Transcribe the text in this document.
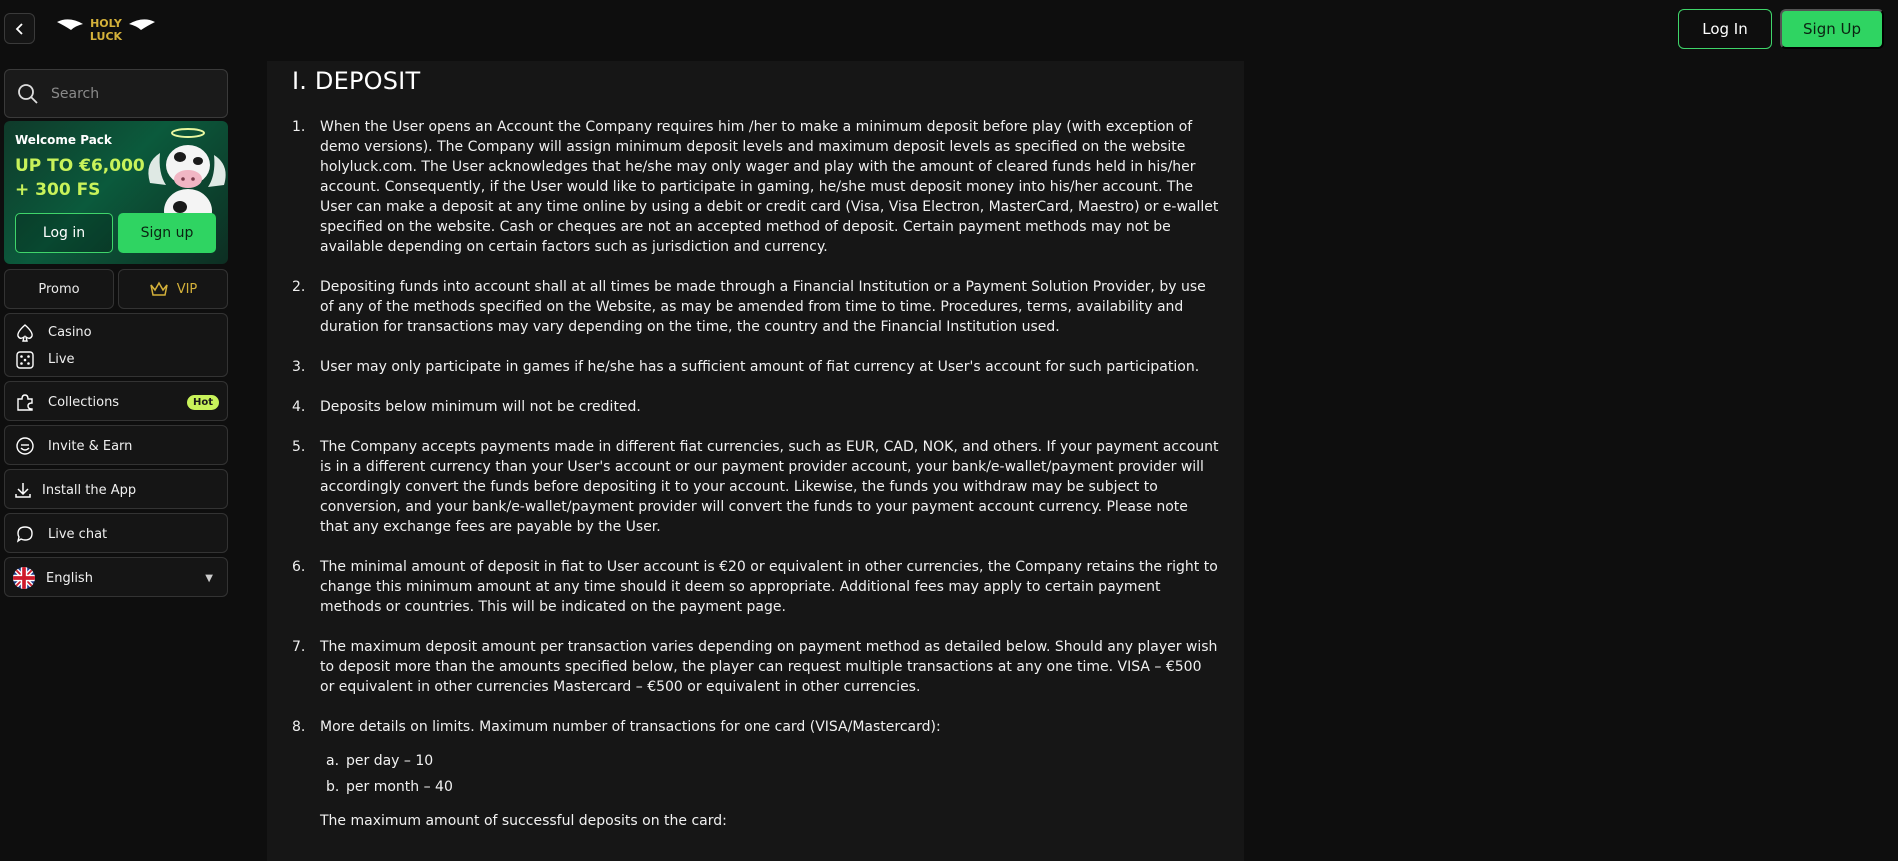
HOLY
LUCK	Log In	Sign Up
Search
Welcome Pack
UP TO €6,000
+ 300 FS
Log in	Sign up
Promo	VIP
Casino
Live
Collections	Hot
Invite & Earn
Install the App
Live chat
English	▼
I. DEPOSIT
1.	When the User opens an Account the Company requires him /her to make a minimum deposit before play (with exception of demo versions). The Company will assign minimum deposit levels and maximum deposit levels as specified on the website holyluck.com. The User acknowledges that he/she may only wager and play with the amount of cleared funds held in his/her account. Consequently, if the User would like to participate in gaming, he/she must deposit money into his/her account. The User can make a deposit at any time online by using a debit or credit card (Visa, Visa Electron, MasterCard, Maestro) or e-wallet specified on the website. Cash or cheques are not an accepted method of deposit. Certain payment methods may not be available depending on certain factors such as jurisdiction and currency.
2.	Depositing funds into account shall at all times be made through a Financial Institution or a Payment Solution Provider, by use of any of the methods specified on the Website, as may be amended from time to time. Procedures, terms, availability and duration for transactions may vary depending on the time, the country and the Financial Institution used.
3.	User may only participate in games if he/she has a sufficient amount of fiat currency at User's account for such participation.
4.	Deposits below minimum will not be credited.
5.	The Company accepts payments made in different fiat currencies, such as EUR, CAD, NOK, and others. If your payment account is in a different currency than your User's account or our payment provider account, your bank/e-wallet/payment provider will accordingly convert the funds before depositing it to your account. Likewise, the funds you withdraw may be subject to conversion, and your bank/e-wallet/payment provider will convert the funds to your payment account currency. Please note that any exchange fees are payable by the User.
6.	The minimal amount of deposit in fiat to User account is €20 or equivalent in other currencies, the Company retains the right to change this minimum amount at any time should it deem so appropriate. Additional fees may apply to certain payment methods or countries. This will be indicated on the payment page.
7.	The maximum deposit amount per transaction varies depending on payment method as detailed below. Should any player wish to deposit more than the amounts specified below, the player can request multiple transactions at any one time. VISA – €500 or equivalent in other currencies Mastercard – €500 or equivalent in other currencies.
8.	More details on limits. Maximum number of transactions for one card (VISA/Mastercard):
a. per day – 10
b. per month – 40
The maximum amount of successful deposits on the card:
